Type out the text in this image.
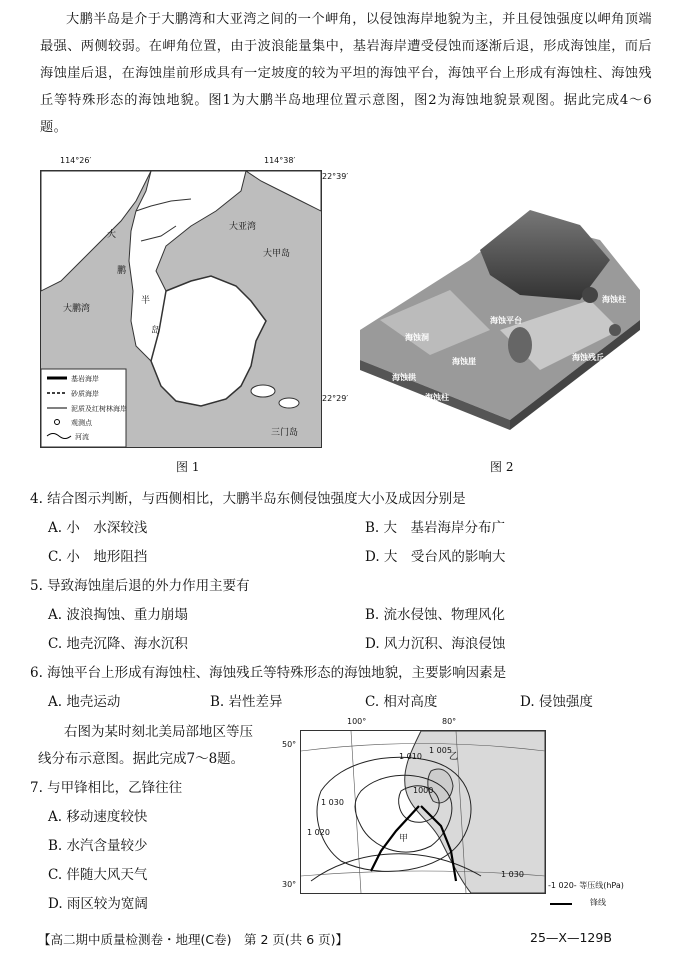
大鹏半岛是介于大鹏湾和大亚湾之间的一个岬角，以侵蚀海岸地貌为主，并且侵蚀强度以岬角顶端最强、两侧较弱。在岬角位置，由于波浪能量集中，基岩海岸遭受侵蚀而逐渐后退，形成海蚀崖，而后海蚀崖后退，在海蚀崖前形成具有一定坡度的较为平坦的海蚀平台，海蚀平台上形成有海蚀柱、海蚀残丘等特殊形态的海蚀地貌。图1为大鹏半岛地理位置示意图，图2为海蚀地貌景观图。据此完成4～6题。
基岩海岸
砂质海岸
泥质及红树林海岸
观测点
河流
大鹏湾
大亚湾
大
鹏
半
岛
大甲岛
三门岛
114°26′	114°38′
22°39′
22°29′
图 1
海蚀柱
海蚀平台
海蚀洞
海蚀崖
海蚀拱
海蚀柱
海蚀残丘
图 2
4. 结合图示判断，与西侧相比，大鹏半岛东侧侵蚀强度大小及成因分别是
A. 小　水深较浅	B. 大　基岩海岸分布广
C. 小　地形阻挡	D. 大　受台风的影响大
5. 导致海蚀崖后退的外力作用主要有
A. 波浪掏蚀、重力崩塌	B. 流水侵蚀、物理风化
C. 地壳沉降、海水沉积	D. 风力沉积、海浪侵蚀
6. 海蚀平台上形成有海蚀柱、海蚀残丘等特殊形态的海蚀地貌，主要影响因素是
A. 地壳运动	B. 岩性差异	C. 相对高度	D. 侵蚀强度
右图为某时刻北美局部地区等压
线分布示意图。据此完成7～8题。
7. 与甲锋相比，乙锋往往
A. 移动速度较快
B. 水汽含量较少
C. 伴随大风天气
D. 雨区较为宽阔
1 010
1 005
1000
1 030
1 020
1 030
甲
乙
100°	80°
50°
30°	-1 020- 等压线(hPa)
锋线
【高二期中质量检测卷・地理(C卷)　第 2 页(共 6 页)】	25—X—129B
